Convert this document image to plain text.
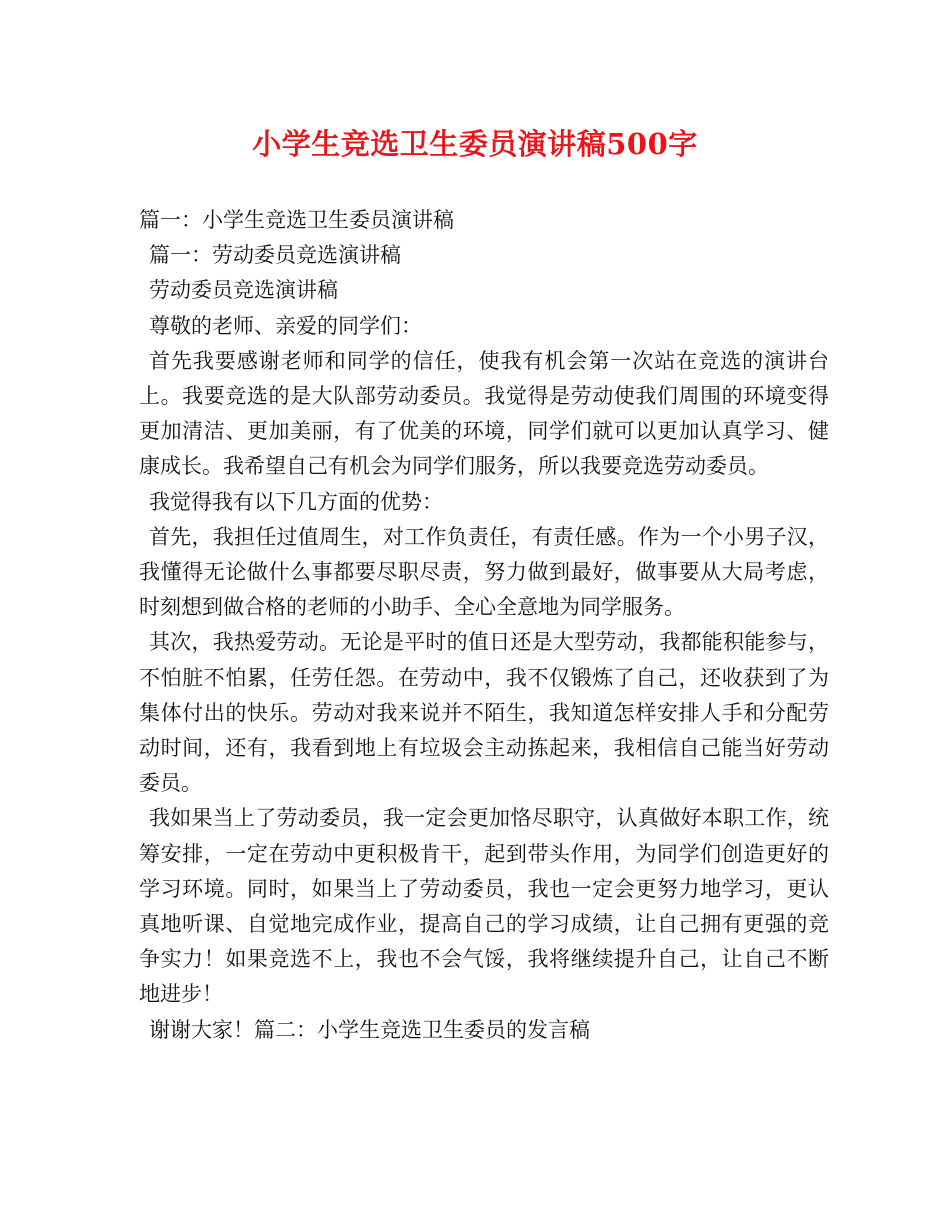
小学生竞选卫生委员演讲稿500字

篇一：小学生竞选卫生委员演讲稿

篇一：劳动委员竞选演讲稿

劳动委员竞选演讲稿

尊敬的老师、亲爱的同学们：

首先我要感谢老师和同学的信任，使我有机会第一次站在竞选的演讲台上。我要竞选的是大队部劳动委员。我觉得是劳动使我们周围的环境变得更加清洁、更加美丽，有了优美的环境，同学们就可以更加认真学习、健康成长。我希望自己有机会为同学们服务，所以我要竞选劳动委员。

我觉得我有以下几方面的优势：

首先，我担任过值周生，对工作负责任，有责任感。作为一个小男子汉，我懂得无论做什么事都要尽职尽责，努力做到最好，做事要从大局考虑，时刻想到做合格的老师的小助手、全心全意地为同学服务。

其次，我热爱劳动。无论是平时的值日还是大型劳动，我都能积能参与，不怕脏不怕累，任劳任怨。在劳动中，我不仅锻炼了自己，还收获到了为集体付出的快乐。劳动对我来说并不陌生，我知道怎样安排人手和分配劳动时间，还有，我看到地上有垃圾会主动拣起来，我相信自己能当好劳动委员。

我如果当上了劳动委员，我一定会更加恪尽职守，认真做好本职工作，统筹安排，一定在劳动中更积极肯干，起到带头作用，为同学们创造更好的学习环境。同时，如果当上了劳动委员，我也一定会更努力地学习，更认真地听课、自觉地完成作业，提高自己的学习成绩，让自己拥有更强的竞争实力！如果竞选不上，我也不会气馁，我将继续提升自己，让自己不断地进步！

谢谢大家！篇二：小学生竞选卫生委员的发言稿
